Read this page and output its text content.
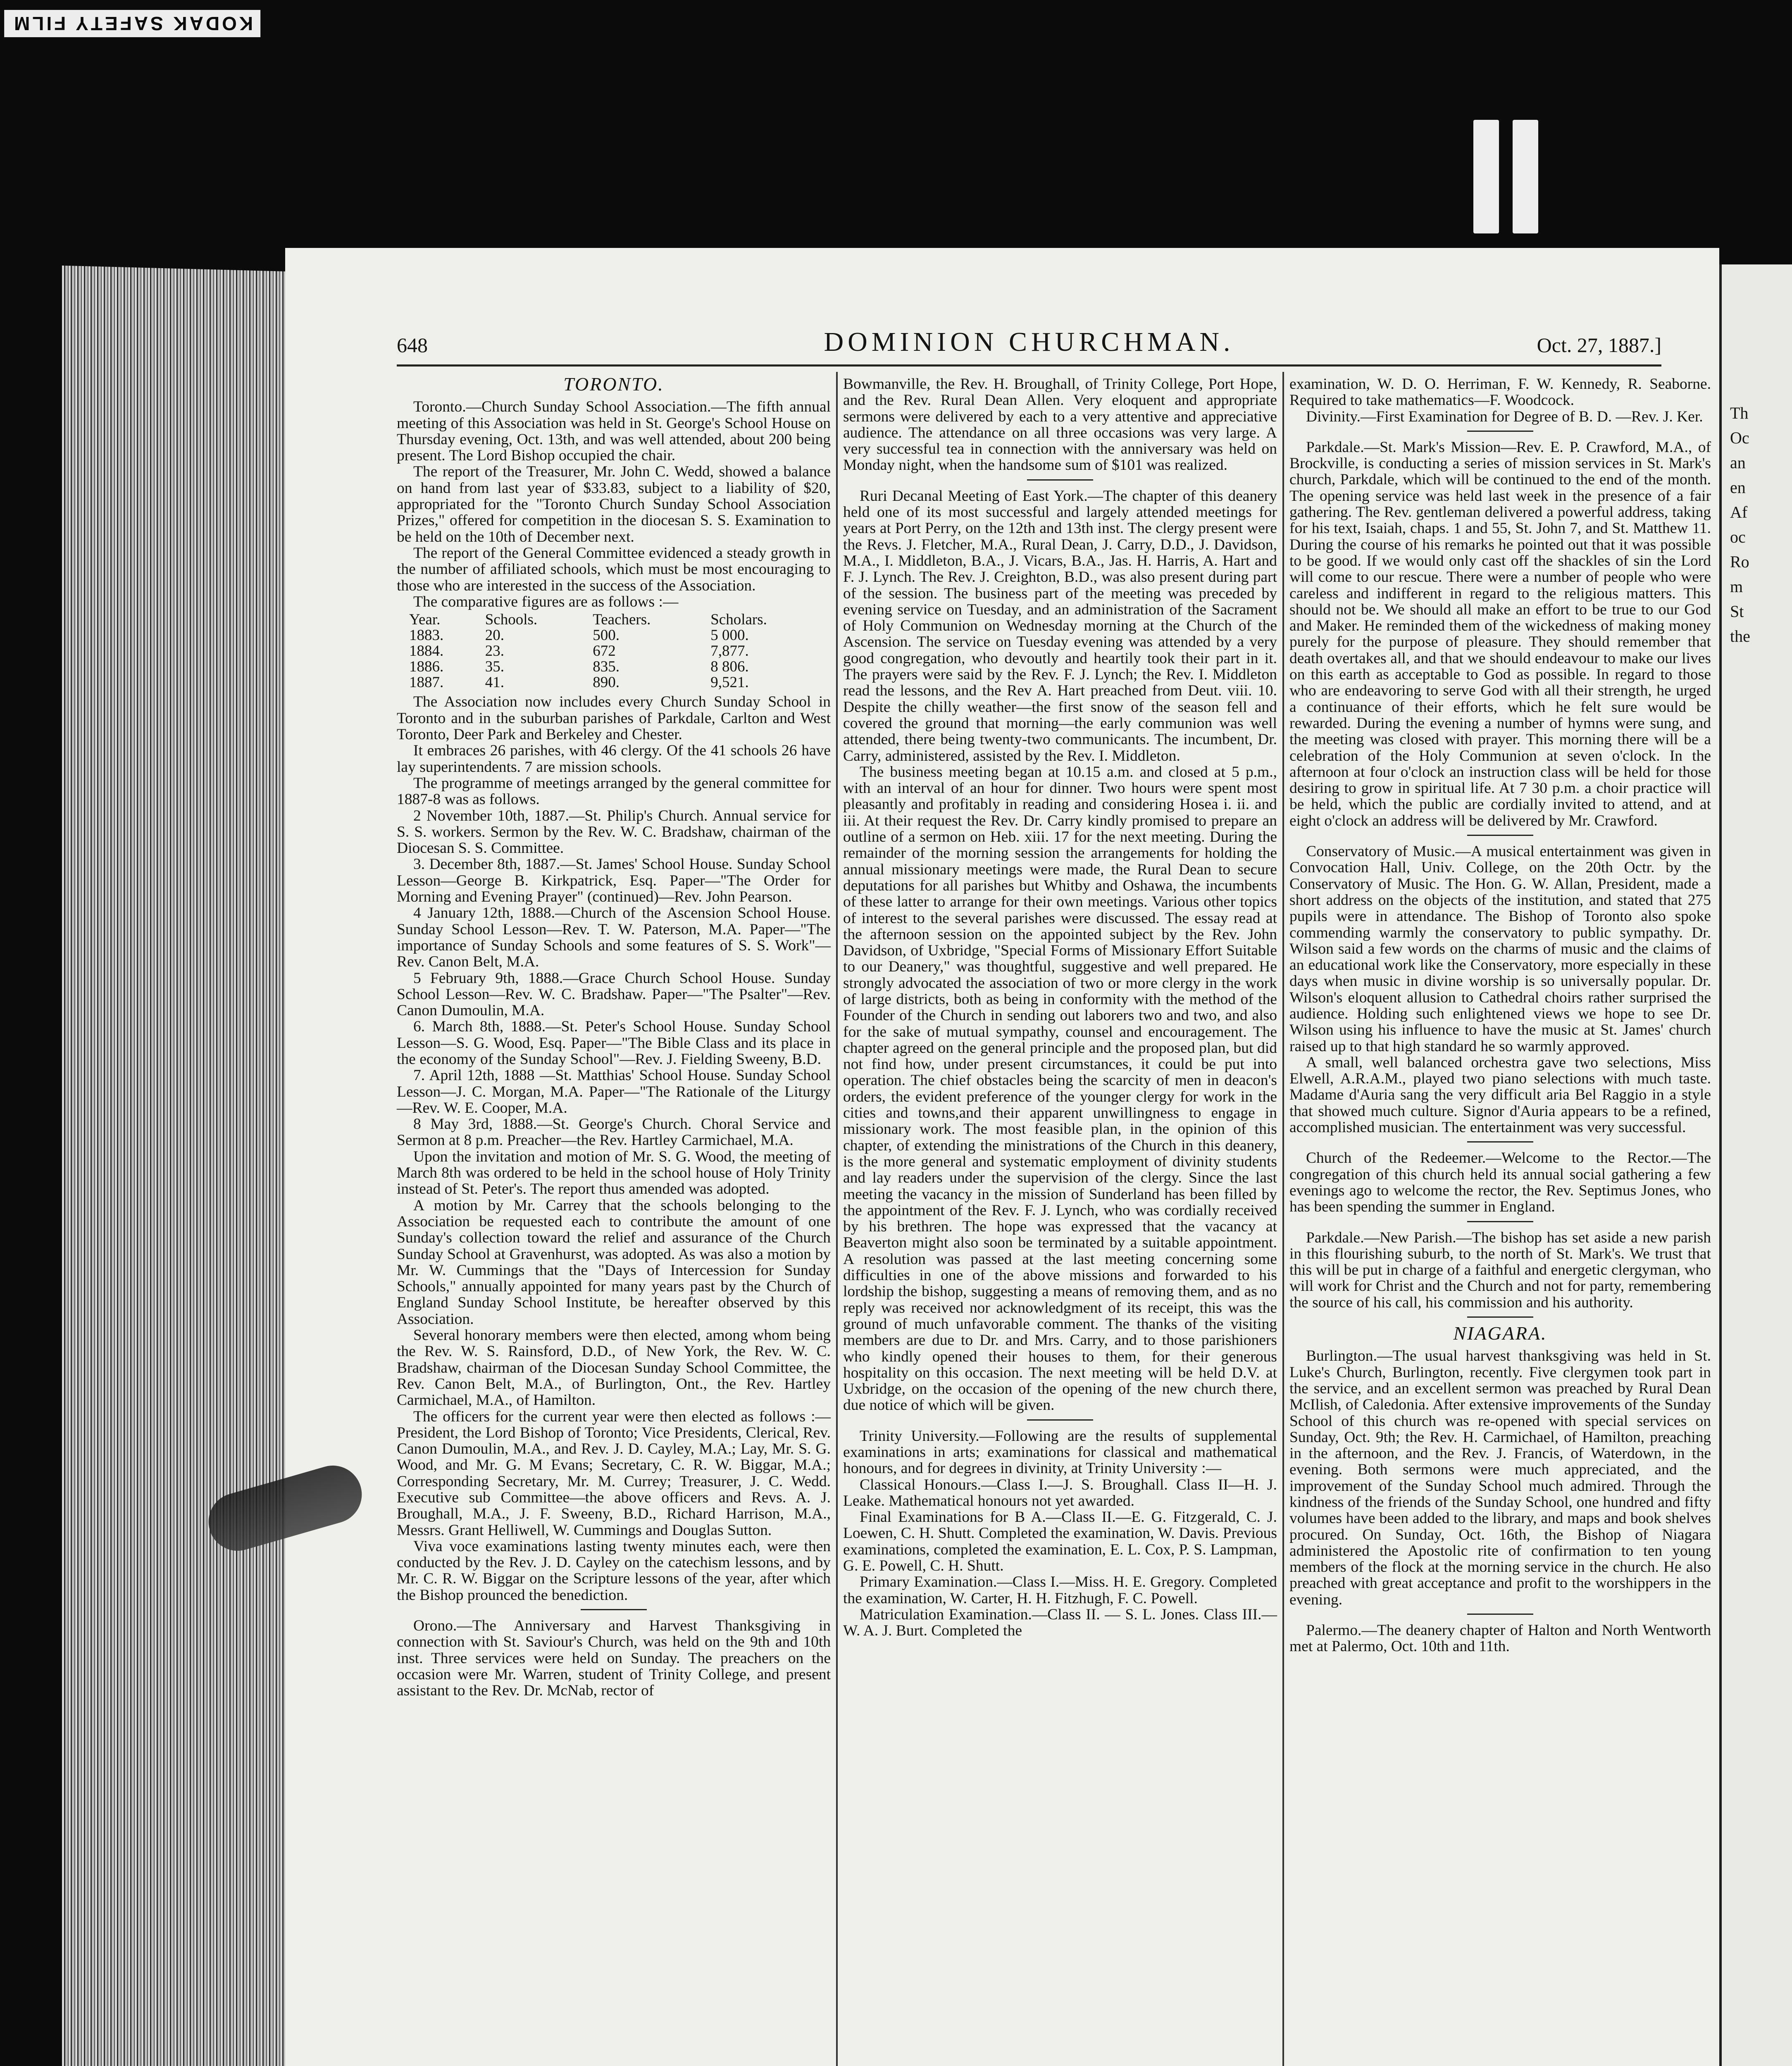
KODAK SAFETY FILM
648	DOMINION CHURCHMAN.	Oct. 27, 1887.]
TORONTO.

Toronto.—Church Sunday School Association.—The fifth annual meeting of this Association was held in St. George's School House on Thursday evening, Oct. 13th, and was well attended, about 200 being present. The Lord Bishop occupied the chair.

The report of the Treasurer, Mr. John C. Wedd, showed a balance on hand from last year of $33.83, subject to a liability of $20, appropriated for the "Toronto Church Sunday School Association Prizes," offered for competition in the diocesan S. S. Examination to be held on the 10th of December next.

The report of the General Committee evidenced a steady growth in the number of affiliated schools, which must be most encouraging to those who are interested in the success of the Association.

The comparative figures are as follows :—

Year.	Schools.	Teachers.	Scholars.
1883.	20.	500.	5 000.
1884.	23.	672	7,877.
1886.	35.	835.	8 806.
1887.	41.	890.	9,521.

The Association now includes every Church Sunday School in Toronto and in the suburban parishes of Parkdale, Carlton and West Toronto, Deer Park and Berkeley and Chester.

It embraces 26 parishes, with 46 clergy. Of the 41 schools 26 have lay superintendents. 7 are mission schools.

The programme of meetings arranged by the general committee for 1887-8 was as follows.

2 November 10th, 1887.—St. Philip's Church. Annual service for S. S. workers. Sermon by the Rev. W. C. Bradshaw, chairman of the Diocesan S. S. Committee.

3. December 8th, 1887.—St. James' School House. Sunday School Lesson—George B. Kirkpatrick, Esq. Paper—"The Order for Morning and Evening Prayer" (continued)—Rev. John Pearson.

4 January 12th, 1888.—Church of the Ascension School House. Sunday School Lesson—Rev. T. W. Paterson, M.A. Paper—"The importance of Sunday Schools and some features of S. S. Work"—Rev. Canon Belt, M.A.

5 February 9th, 1888.—Grace Church School House. Sunday School Lesson—Rev. W. C. Bradshaw. Paper—"The Psalter"—Rev. Canon Dumoulin, M.A.

6. March 8th, 1888.—St. Peter's School House. Sunday School Lesson—S. G. Wood, Esq. Paper—"The Bible Class and its place in the economy of the Sunday School"—Rev. J. Fielding Sweeny, B.D.

7. April 12th, 1888 —St. Matthias' School House. Sunday School Lesson—J. C. Morgan, M.A. Paper—"The Rationale of the Liturgy—Rev. W. E. Cooper, M.A.

8 May 3rd, 1888.—St. George's Church. Choral Service and Sermon at 8 p.m. Preacher—the Rev. Hartley Carmichael, M.A.

Upon the invitation and motion of Mr. S. G. Wood, the meeting of March 8th was ordered to be held in the school house of Holy Trinity instead of St. Peter's. The report thus amended was adopted.

A motion by Mr. Carrey that the schools belonging to the Association be requested each to contribute the amount of one Sunday's collection toward the relief and assurance of the Church Sunday School at Gravenhurst, was adopted. As was also a motion by Mr. W. Cummings that the "Days of Intercession for Sunday Schools," annually appointed for many years past by the Church of England Sunday School Institute, be hereafter observed by this Association.

Several honorary members were then elected, among whom being the Rev. W. S. Rainsford, D.D., of New York, the Rev. W. C. Bradshaw, chairman of the Diocesan Sunday School Committee, the Rev. Canon Belt, M.A., of Burlington, Ont., the Rev. Hartley Carmichael, M.A., of Hamilton.

The officers for the current year were then elected as follows :—President, the Lord Bishop of Toronto; Vice Presidents, Clerical, Rev. Canon Dumoulin, M.A., and Rev. J. D. Cayley, M.A.; Lay, Mr. S. G. Wood, and Mr. G. M Evans; Secretary, C. R. W. Biggar, M.A.; Corresponding Secretary, Mr. M. Currey; Treasurer, J. C. Wedd. Executive sub Committee—the above officers and Revs. A. J. Broughall, M.A., J. F. Sweeny, B.D., Richard Harrison, M.A., Messrs. Grant Helliwell, W. Cummings and Douglas Sutton.

Viva voce examinations lasting twenty minutes each, were then conducted by the Rev. J. D. Cayley on the catechism lessons, and by Mr. C. R. W. Biggar on the Scripture lessons of the year, after which the Bishop prounced the benediction.

Orono.—The Anniversary and Harvest Thanksgiving in connection with St. Saviour's Church, was held on the 9th and 10th inst. Three services were held on Sunday. The preachers on the occasion were Mr. Warren, student of Trinity College, and present assistant to the Rev. Dr. McNab, rector of

Bowmanville, the Rev. H. Broughall, of Trinity College, Port Hope, and the Rev. Rural Dean Allen. Very eloquent and appropriate sermons were delivered by each to a very attentive and appreciative audience. The attendance on all three occasions was very large. A very successful tea in connection with the anniversary was held on Monday night, when the handsome sum of $101 was realized.

Ruri Decanal Meeting of East York.—The chapter of this deanery held one of its most successful and largely attended meetings for years at Port Perry, on the 12th and 13th inst. The clergy present were the Revs. J. Fletcher, M.A., Rural Dean, J. Carry, D.D., J. Davidson, M.A., I. Middleton, B.A., J. Vicars, B.A., Jas. H. Harris, A. Hart and F. J. Lynch. The Rev. J. Creighton, B.D., was also present during part of the session. The business part of the meeting was preceded by evening service on Tuesday, and an administration of the Sacrament of Holy Communion on Wednesday morning at the Church of the Ascension. The service on Tuesday evening was attended by a very good congregation, who devoutly and heartily took their part in it. The prayers were said by the Rev. F. J. Lynch; the Rev. I. Middleton read the lessons, and the Rev A. Hart preached from Deut. viii. 10. Despite the chilly weather—the first snow of the season fell and covered the ground that morning—the early communion was well attended, there being twenty-two communicants. The incumbent, Dr. Carry, administered, assisted by the Rev. I. Middleton.

The business meeting began at 10.15 a.m. and closed at 5 p.m., with an interval of an hour for dinner. Two hours were spent most pleasantly and profitably in reading and considering Hosea i. ii. and iii. At their request the Rev. Dr. Carry kindly promised to prepare an outline of a sermon on Heb. xiii. 17 for the next meeting. During the remainder of the morning session the arrangements for holding the annual missionary meetings were made, the Rural Dean to secure deputations for all parishes but Whitby and Oshawa, the incumbents of these latter to arrange for their own meetings. Various other topics of interest to the several parishes were discussed. The essay read at the afternoon session on the appointed subject by the Rev. John Davidson, of Uxbridge, "Special Forms of Missionary Effort Suitable to our Deanery," was thoughtful, suggestive and well prepared. He strongly advocated the association of two or more clergy in the work of large districts, both as being in conformity with the method of the Founder of the Church in sending out laborers two and two, and also for the sake of mutual sympathy, counsel and encouragement. The chapter agreed on the general principle and the proposed plan, but did not find how, under present circumstances, it could be put into operation. The chief obstacles being the scarcity of men in deacon's orders, the evident preference of the younger clergy for work in the cities and towns,and their apparent unwillingness to engage in missionary work. The most feasible plan, in the opinion of this chapter, of extending the ministrations of the Church in this deanery, is the more general and systematic employment of divinity students and lay readers under the supervision of the clergy. Since the last meeting the vacancy in the mission of Sunderland has been filled by the appointment of the Rev. F. J. Lynch, who was cordially received by his brethren. The hope was expressed that the vacancy at Beaverton might also soon be terminated by a suitable appointment. A resolution was passed at the last meeting concerning some difficulties in one of the above missions and forwarded to his lordship the bishop, suggesting a means of removing them, and as no reply was received nor acknowledgment of its receipt, this was the ground of much unfavorable comment. The thanks of the visiting members are due to Dr. and Mrs. Carry, and to those parishioners who kindly opened their houses to them, for their generous hospitality on this occasion. The next meeting will be held D.V. at Uxbridge, on the occasion of the opening of the new church there, due notice of which will be given.

Trinity University.—Following are the results of supplemental examinations in arts; examinations for classical and mathematical honours, and for degrees in divinity, at Trinity University :—

Classical Honours.—Class I.—J. S. Broughall. Class II—H. J. Leake. Mathematical honours not yet awarded.

Final Examinations for B A.—Class II.—E. G. Fitzgerald, C. J. Loewen, C. H. Shutt. Completed the examination, W. Davis. Previous examinations, completed the examination, E. L. Cox, P. S. Lampman, G. E. Powell, C. H. Shutt.

Primary Examination.—Class I.—Miss. H. E. Gregory. Completed the examination, W. Carter, H. H. Fitzhugh, F. C. Powell.

Matriculation Examination.—Class II. — S. L. Jones. Class III.—W. A. J. Burt. Completed the

examination, W. D. O. Herriman, F. W. Kennedy, R. Seaborne. Required to take mathematics—F. Woodcock.

Divinity.—First Examination for Degree of B. D. —Rev. J. Ker.

Parkdale.—St. Mark's Mission—Rev. E. P. Crawford, M.A., of Brockville, is conducting a series of mission services in St. Mark's church, Parkdale, which will be continued to the end of the month. The opening service was held last week in the presence of a fair gathering. The Rev. gentleman delivered a powerful address, taking for his text, Isaiah, chaps. 1 and 55, St. John 7, and St. Matthew 11. During the course of his remarks he pointed out that it was possible to be good. If we would only cast off the shackles of sin the Lord will come to our rescue. There were a number of people who were careless and indifferent in regard to the religious matters. This should not be. We should all make an effort to be true to our God and Maker. He reminded them of the wickedness of making money purely for the purpose of pleasure. They should remember that death overtakes all, and that we should endeavour to make our lives on this earth as acceptable to God as possible. In regard to those who are endeavoring to serve God with all their strength, he urged a continuance of their efforts, which he felt sure would be rewarded. During the evening a number of hymns were sung, and the meeting was closed with prayer. This morning there will be a celebration of the Holy Communion at seven o'clock. In the afternoon at four o'clock an instruction class will be held for those desiring to grow in spiritual life. At 7 30 p.m. a choir practice will be held, which the public are cordially invited to attend, and at eight o'clock an address will be delivered by Mr. Crawford.

Conservatory of Music.—A musical entertainment was given in Convocation Hall, Univ. College, on the 20th Octr. by the Conservatory of Music. The Hon. G. W. Allan, President, made a short address on the objects of the institution, and stated that 275 pupils were in attendance. The Bishop of Toronto also spoke commending warmly the conservatory to public sympathy. Dr. Wilson said a few words on the charms of music and the claims of an educational work like the Conservatory, more especially in these days when music in divine worship is so universally popular. Dr. Wilson's eloquent allusion to Cathedral choirs rather surprised the audience. Holding such enlightened views we hope to see Dr. Wilson using his influence to have the music at St. James' church raised up to that high standard he so warmly approved.

A small, well balanced orchestra gave two selections, Miss Elwell, A.R.A.M., played two piano selections with much taste. Madame d'Auria sang the very difficult aria Bel Raggio in a style that showed much culture. Signor d'Auria appears to be a refined, accomplished musician. The entertainment was very successful.

Church of the Redeemer.—Welcome to the Rector.—The congregation of this church held its annual social gathering a few evenings ago to welcome the rector, the Rev. Septimus Jones, who has been spending the summer in England.

Parkdale.—New Parish.—The bishop has set aside a new parish in this flourishing suburb, to the north of St. Mark's. We trust that this will be put in charge of a faithful and energetic clergyman, who will work for Christ and the Church and not for party, remembering the source of his call, his commission and his authority.

NIAGARA.

Burlington.—The usual harvest thanksgiving was held in St. Luke's Church, Burlington, recently. Five clergymen took part in the service, and an excellent sermon was preached by Rural Dean McIlish, of Caledonia. After extensive improvements of the Sunday School of this church was re-opened with special services on Sunday, Oct. 9th; the Rev. H. Carmichael, of Hamilton, preaching in the afternoon, and the Rev. J. Francis, of Waterdown, in the evening. Both sermons were much appreciated, and the improvement of the Sunday School much admired. Through the kindness of the friends of the Sunday School, one hundred and fifty volumes have been added to the library, and maps and book shelves procured. On Sunday, Oct. 16th, the Bishop of Niagara administered the Apostolic rite of confirmation to ten young members of the flock at the morning service in the church. He also preached with great acceptance and profit to the worshippers in the evening.

Palermo.—The deanery chapter of Halton and North Wentworth met at Palermo, Oct. 10th and 11th.

Th
Oc
an
en
Af
oc
Ro
m
St
the
